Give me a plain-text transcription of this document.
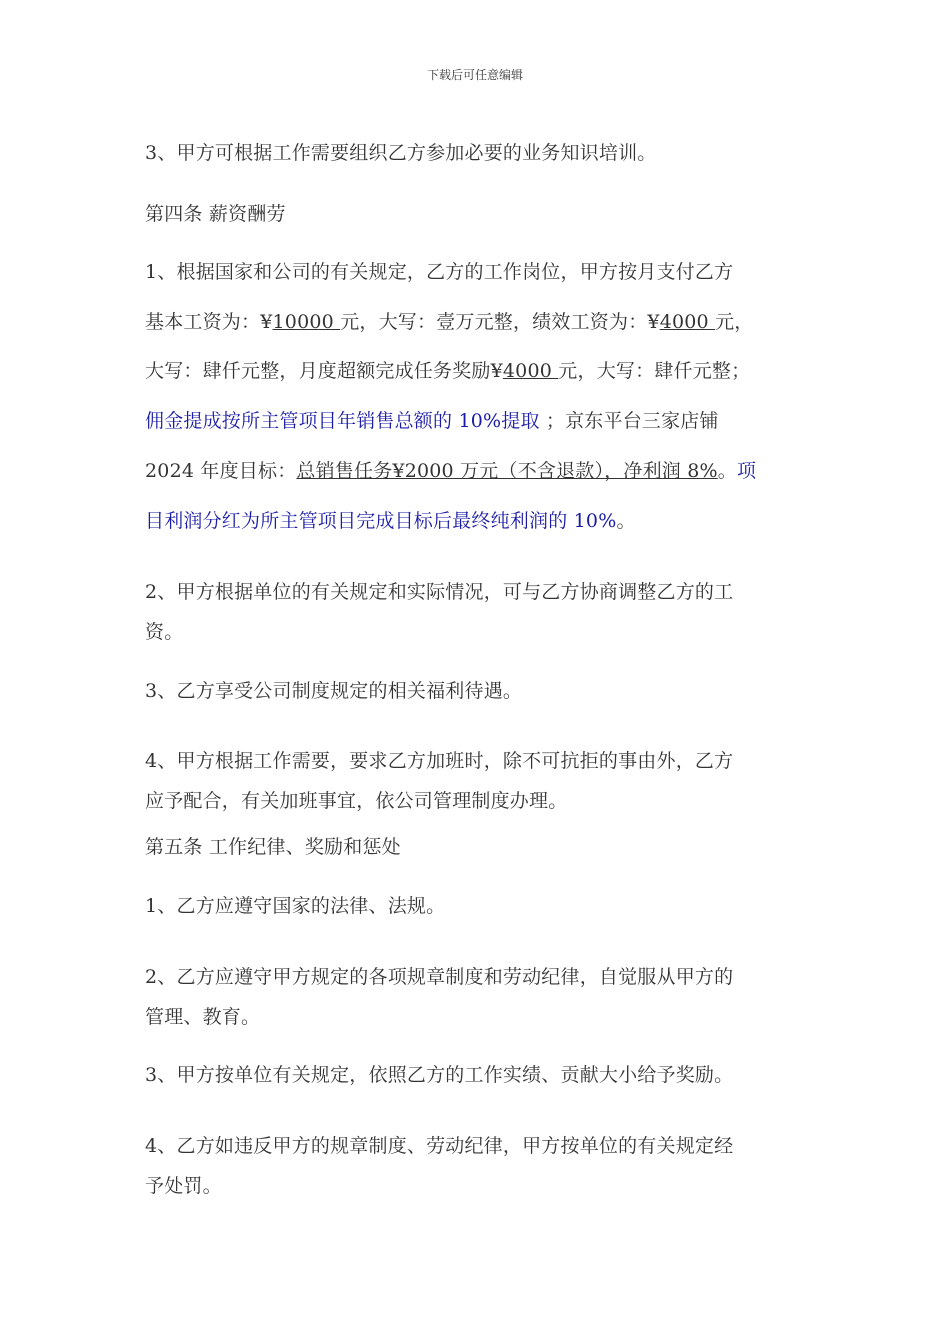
下载后可任意编辑
3、甲方可根据工作需要组织乙方参加必要的业务知识培训。
第四条 薪资酬劳
1、根据国家和公司的有关规定，乙方的工作岗位，甲方按月支付乙方
基本工资为：¥10000 元，大写：壹万元整，绩效工资为：¥4000 元，
大写：肆仟元整，月度超额完成任务奖励¥4000 元，大写：肆仟元整；
佣金提成按所主管项目年销售总额的 10%提取 ；京东平台三家店铺
2024 年度目标：总销售任务¥2000 万元（不含退款），净利润 8%。项
目利润分红为所主管项目完成目标后最终纯利润的 10%。
2、甲方根据单位的有关规定和实际情况，可与乙方协商调整乙方的工
资。
3、乙方享受公司制度规定的相关福利待遇。
4、甲方根据工作需要，要求乙方加班时，除不可抗拒的事由外，乙方
应予配合，有关加班事宜，依公司管理制度办理。
第五条 工作纪律、奖励和惩处
1、乙方应遵守国家的法律、法规。
2、乙方应遵守甲方规定的各项规章制度和劳动纪律，自觉服从甲方的
管理、教育。
3、甲方按单位有关规定，依照乙方的工作实绩、贡献大小给予奖励。
4、乙方如违反甲方的规章制度、劳动纪律，甲方按单位的有关规定经
予处罚。
